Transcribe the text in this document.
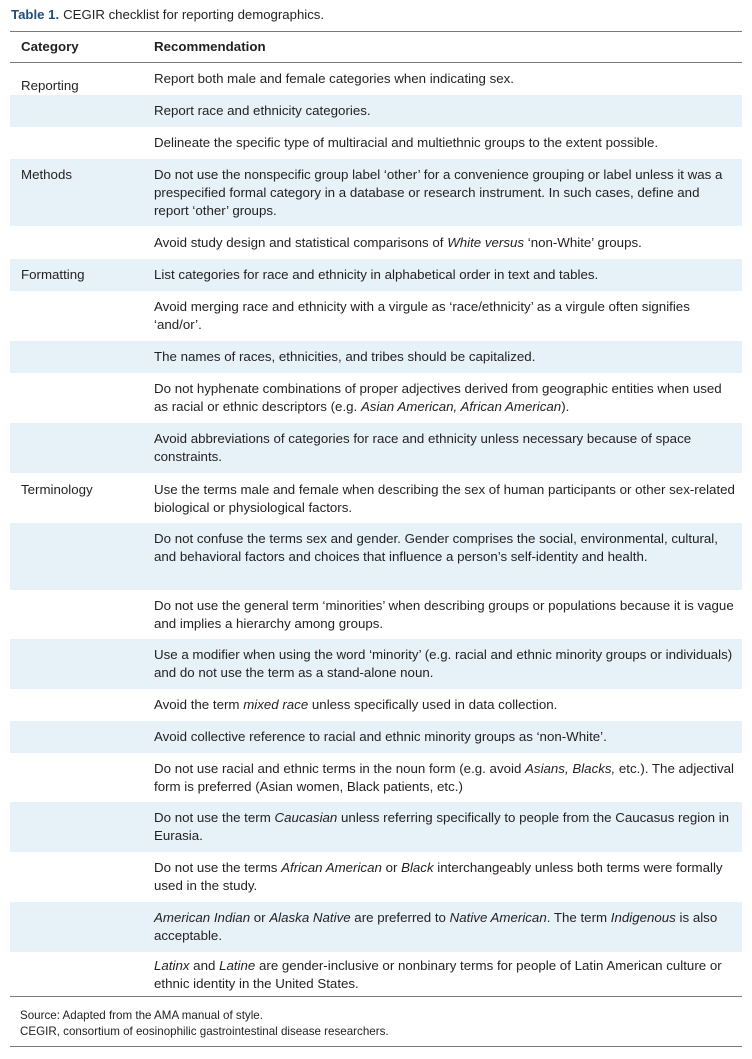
Table 1. CEGIR checklist for reporting demographics.
Category	Recommendation
Reporting	Report both male and female categories when indicating sex.
Report race and ethnicity categories.
Delineate the specific type of multiracial and multiethnic groups to the extent possible.
Methods	Do not use the nonspecific group label ‘other’ for a convenience grouping or label unless it was a prespecified formal category in a database or research instrument. In such cases, define and report ‘other’ groups.
Avoid study design and statistical comparisons of White versus ‘non-White’ groups.
Formatting	List categories for race and ethnicity in alphabetical order in text and tables.
Avoid merging race and ethnicity with a virgule as ‘race/ethnicity’ as a virgule often signifies ‘and/or’.
The names of races, ethnicities, and tribes should be capitalized.
Do not hyphenate combinations of proper adjectives derived from geographic entities when used as racial or ethnic descriptors (e.g. Asian American, African American).
Avoid abbreviations of categories for race and ethnicity unless necessary because of space constraints.
Terminology	Use the terms male and female when describing the sex of human participants or other sex-related biological or physiological factors.
Do not confuse the terms sex and gender. Gender comprises the social, environmental, cultural, and behavioral factors and choices that influence a person’s self-identity and health.
Do not use the general term ‘minorities’ when describing groups or populations because it is vague and implies a hierarchy among groups.
Use a modifier when using the word ‘minority’ (e.g. racial and ethnic minority groups or individuals) and do not use the term as a stand-alone noun.
Avoid the term mixed race unless specifically used in data collection.
Avoid collective reference to racial and ethnic minority groups as ‘non-White’.
Do not use racial and ethnic terms in the noun form (e.g. avoid Asians, Blacks, etc.). The adjectival form is preferred (Asian women, Black patients, etc.)
Do not use the term Caucasian unless referring specifically to people from the Caucasus region in Eurasia.
Do not use the terms African American or Black interchangeably unless both terms were formally used in the study.
American Indian or Alaska Native are preferred to Native American. The term Indigenous is also acceptable.
Latinx and Latine are gender-inclusive or nonbinary terms for people of Latin American culture or ethnic identity in the United States.
Source: Adapted from the AMA manual of style.
CEGIR, consortium of eosinophilic gastrointestinal disease researchers.
